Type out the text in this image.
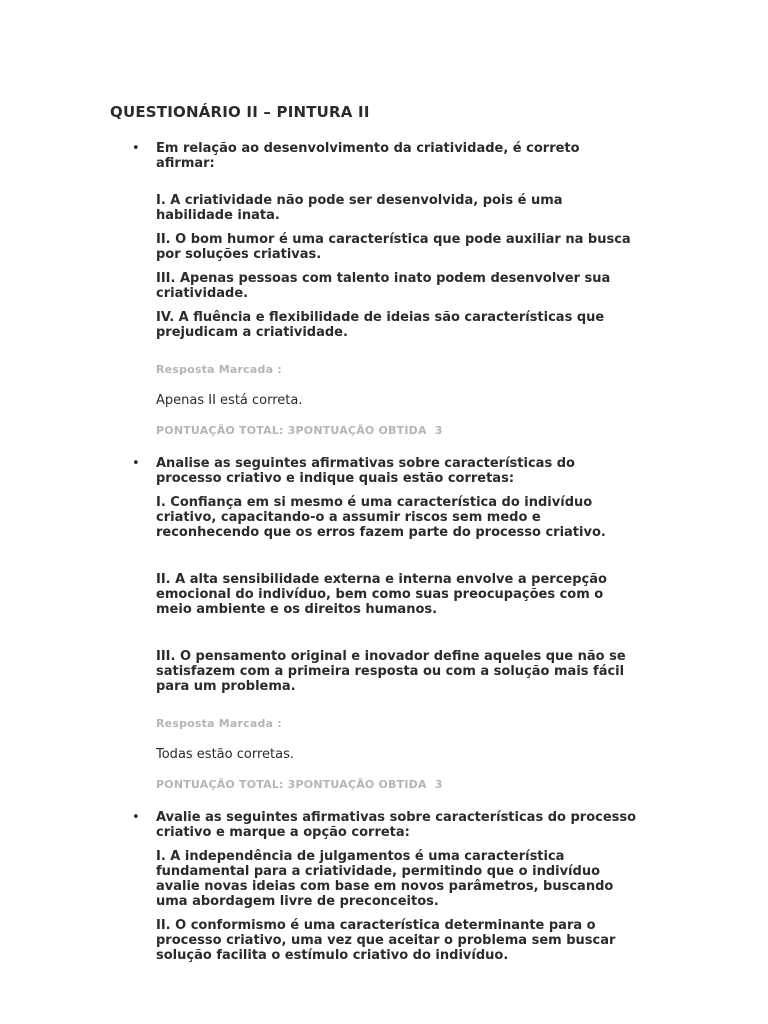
QUESTIONÁRIO II – PINTURA II
• Em relação ao desenvolvimento da criatividade, é correto afirmar:

I. A criatividade não pode ser desenvolvida, pois é uma habilidade inata.

II. O bom humor é uma característica que pode auxiliar na busca por soluções criativas.

III. Apenas pessoas com talento inato podem desenvolver sua criatividade.

IV. A fluência e flexibilidade de ideias são características que prejudicam a criatividade.

Resposta Marcada :

Apenas II está correta.

PONTUAÇÃO TOTAL: 3PONTUAÇÃO OBTIDA  3

• Analise as seguintes afirmativas sobre características do processo criativo e indique quais estão corretas:

I. Confiança em si mesmo é uma característica do indivíduo criativo, capacitando-o a assumir riscos sem medo e reconhecendo que os erros fazem parte do processo criativo.

II. A alta sensibilidade externa e interna envolve a percepção emocional do indivíduo, bem como suas preocupações com o meio ambiente e os direitos humanos.

III. O pensamento original e inovador define aqueles que não se satisfazem com a primeira resposta ou com a solução mais fácil para um problema.

Resposta Marcada :

Todas estão corretas.

PONTUAÇÃO TOTAL: 3PONTUAÇÃO OBTIDA  3

• Avalie as seguintes afirmativas sobre características do processo criativo e marque a opção correta:

I. A independência de julgamentos é uma característica fundamental para a criatividade, permitindo que o indivíduo avalie novas ideias com base em novos parâmetros, buscando uma abordagem livre de preconceitos.

II. O conformismo é uma característica determinante para o processo criativo, uma vez que aceitar o problema sem buscar solução facilita o estímulo criativo do indivíduo.
